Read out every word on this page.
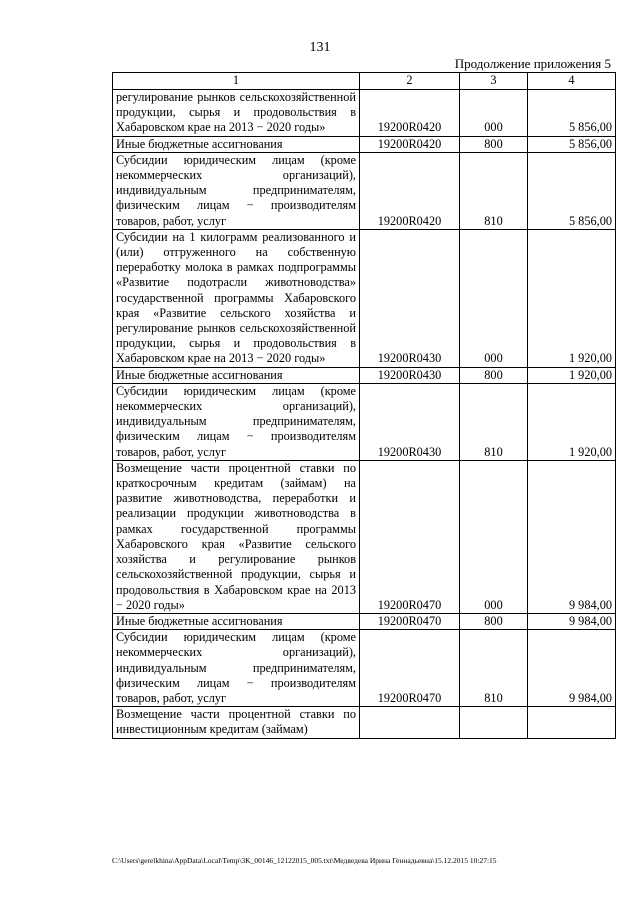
131
Продолжение приложения 5
1	2	3	4
регулирование рынков сельскохозяйственной продукции, сырья и продовольствия в Хабаровском крае на 2013 − 2020 годы»	19200R0420	000	5 856,00
Иные бюджетные ассигнования	19200R0420	800	5 856,00
Субсидии юридическим лицам (кроме некоммерческих организаций), индивидуальным предпринимателям, физическим лицам − производителям товаров, работ, услуг	19200R0420	810	5 856,00
Субсидии на 1 килограмм реализованного и (или) отгруженного на собственную переработку молока в рамках подпрограммы «Развитие подотрасли животноводства» государственной программы Хабаровского края «Развитие сельского хозяйства и регулирование рынков сельскохозяйственной продукции, сырья и продовольствия в Хабаровском крае на 2013 − 2020 годы»	19200R0430	000	1 920,00
Иные бюджетные ассигнования	19200R0430	800	1 920,00
Субсидии юридическим лицам (кроме некоммерческих организаций), индивидуальным предпринимателям, физическим лицам − производителям товаров, работ, услуг	19200R0430	810	1 920,00
Возмещение части процентной ставки по краткосрочным кредитам (займам) на развитие животноводства, переработки и реализации продукции животноводства в рамках государственной программы Хабаровского края «Развитие сельского хозяйства и регулирование рынков сельскохозяйственной продукции, сырья и продовольствия в Хабаровском крае на 2013 − 2020 годы»	19200R0470	000	9 984,00
Иные бюджетные ассигнования	19200R0470	800	9 984,00
Субсидии юридическим лицам (кроме некоммерческих организаций), индивидуальным предпринимателям, физическим лицам − производителям товаров, работ, услуг	19200R0470	810	9 984,00
Возмещение части процентной ставки по инвестиционным кредитам (займам)			
C:\Users\gerelkhina\AppData\Local\Temp\3K_00146_12122015_005.txt\Медведева Ирина Геннадьевна\15.12.2015 10:27:15
